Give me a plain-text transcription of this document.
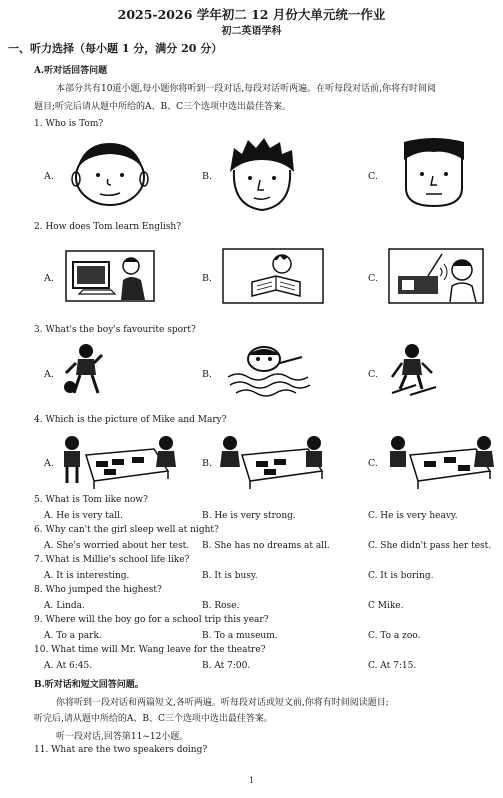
2025-2026 学年初二 12 月份大单元统一作业
初二英语学科
一、听力选择（每小题 1 分，满分 20 分）
A.听对话回答问题
本部分共有10道小题,每小题你将听到一段对话,每段对话听两遍。在听每段对话前,你将有时间阅
题目;听完后请从题中所给的A、B、C三个选项中选出最佳答案。
1. Who is Tom?
A.	B.	C.
2. How does Tom learn English?
A.	B.	C.
3. What's the boy's favourite sport?
A.	B.	C.
4. Which is the picture of Mike and Mary?
A.	B.	C.
5. What is Tom like now?
A. He is very tall.	B. He is very strong.	C. He is very heavy.
6. Why can't the girl sleep well at night?
A. She's worried about her test. B. She has no dreams at all.	C. She didn't pass her test.
7. What is Millie's school life like?
A. It is interesting.	B. It is busy.	C. It is boring.
8. Who jumped the highest?
A. Linda.	B. Rose.	C Mike.
9. Where will the boy go for a school trip this year?
A. To a park.	B. To a museum.	C. To a zoo.
10. What time will Mr. Wang leave for the theatre?
A. At 6:45.	B. At 7:00.	C. At 7:15.
B.听对话和短文回答问题。
你将听到一段对话和两篇短文,各听两遍。听每段对话或短文前,你将有时间阅读题目;
听完后,请从题中所给的A、B、C三个选项中选出最佳答案。
听一段对话,回答第11~12小题。
11. What are the two speakers doing?
1
